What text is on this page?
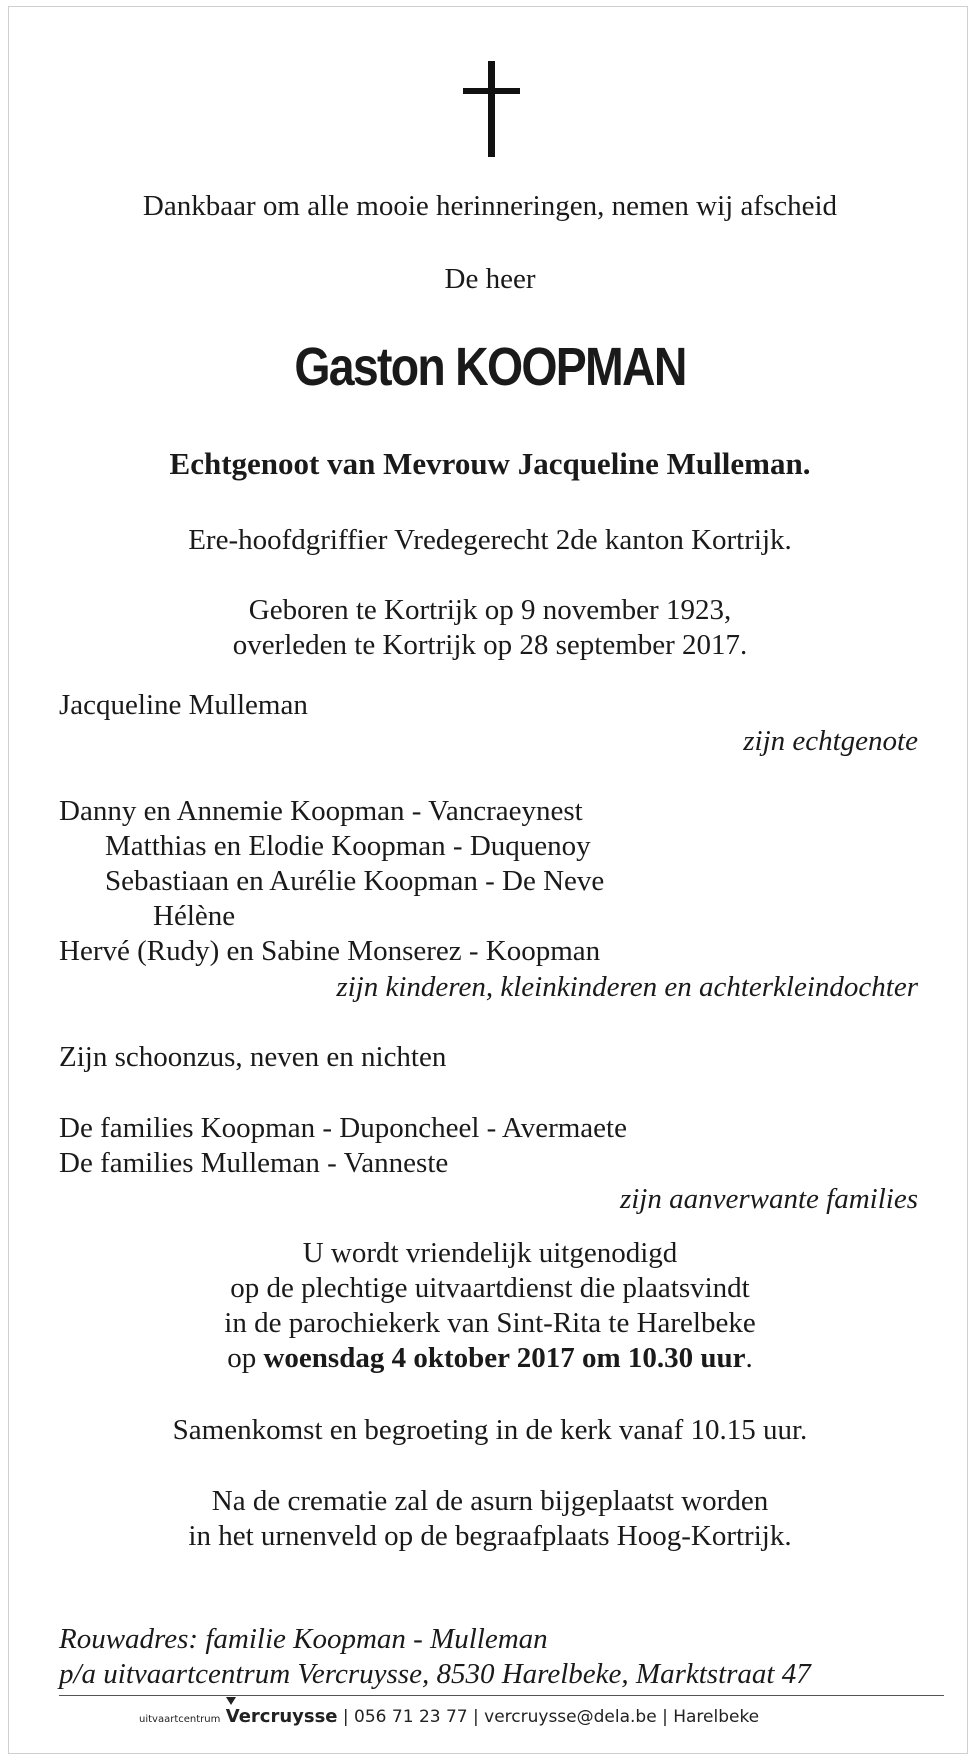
Dankbaar om alle mooie herinneringen, nemen wij afscheid
De heer
Gaston KOOPMAN
Echtgenoot van Mevrouw Jacqueline Mulleman.
Ere-hoofdgriffier Vredegerecht 2de kanton Kortrijk.
Geboren te Kortrijk op 9 november 1923,
overleden te Kortrijk op 28 september 2017.
Jacqueline Mulleman
zijn echtgenote
Danny en Annemie Koopman - Vancraeynest
Matthias en Elodie Koopman - Duquenoy
Sebastiaan en Aurélie Koopman - De Neve
Hélène
Hervé (Rudy) en Sabine Monserez - Koopman
zijn kinderen, kleinkinderen en achterkleindochter
Zijn schoonzus, neven en nichten
De families Koopman - Duponcheel - Avermaete
De families Mulleman - Vanneste
zijn aanverwante families
U wordt vriendelijk uitgenodigd
op de plechtige uitvaartdienst die plaatsvindt
in de parochiekerk van Sint-Rita te Harelbeke
op woensdag 4 oktober 2017 om 10.30 uur.
Samenkomst en begroeting in de kerk vanaf 10.15 uur.
Na de crematie zal de asurn bijgeplaatst worden
in het urnenveld op de begraafplaats Hoog-Kortrijk.
Rouwadres: familie Koopman - Mulleman
p/a uitvaartcentrum Vercruysse, 8530 Harelbeke, Marktstraat 47
uitvaartcentrum Vercruysse | 056 71 23 77 | vercruysse@dela.be | Harelbeke
